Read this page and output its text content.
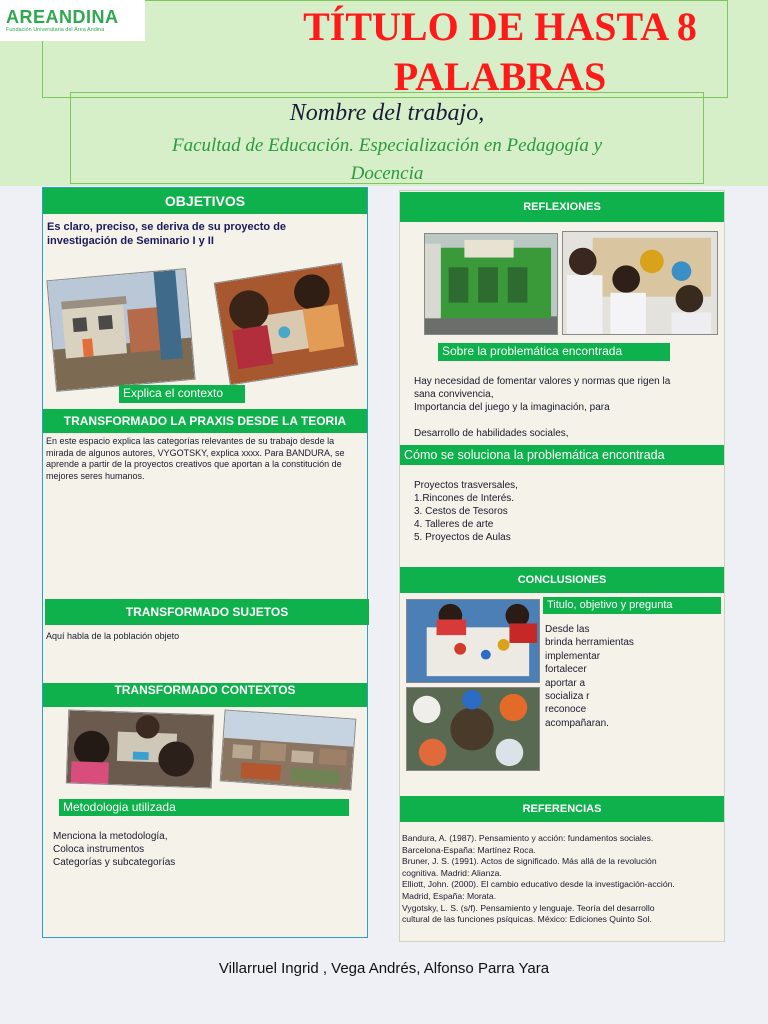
AREANDINA
Fundación Universitaria del Área Andina	TÍTULO DE HASTA 8
PALABRAS
Nombre del trabajo,
Facultad de Educación. Especialización en Pedagogía y
Docencia
OBJETIVOS
Es claro, preciso, se deriva de su proyecto de investigación de Seminario I y II
Explica el contexto
TRANSFORMADO LA PRAXIS DESDE LA TEORIA
En este espacio explica las categorías relevantes de su trabajo desde la mirada de algunos autores, VYGOTSKY, explica xxxx. Para BANDURA, se aprende a partir de la proyectos creativos que aportan a la constitución de mejores seres humanos.
TRANSFORMADO SUJETOS
Aquí habla de la población objeto
TRANSFORMADO CONTEXTOS
Metodologia utilizada
Menciona la metodología,
Coloca instrumentos
Categorías y subcategorías
REFLEXIONES
Sobre la problemática encontrada
Hay necesidad de fomentar valores y normas que rigen la
sana convivencia,
Importancia del juego y la imaginación, para
Desarrollo de habilidades sociales,
Cómo se soluciona la problemática encontrada
Proyectos trasversales,
1.Rincones de Interés.
3. Cestos de Tesoros
4. Talleres de arte
5. Proyectos de Aulas
CONCLUSIONES
Titulo, objetivo y pregunta
Desde las
brinda herramientas
implementar
fortalecer
aportar a
socializa r
reconoce
acompañaran.
REFERENCIAS
Bandura, A. (1987). Pensamiento y acción: fundamentos sociales.
Barcelona-España: Martínez Roca.
Bruner, J. S. (1991). Actos de significado. Más allá de la revolución
cognitiva. Madrid: Alianza.
Elliott, John. (2000). El cambio educativo desde la investigación-acción.
Madrid, España: Morata.
Vygotsky, L. S. (s/f). Pensamiento y lenguaje. Teoría del desarrollo
cultural de las funciones psíquicas. México: Ediciones Quinto Sol.
Villarruel Ingrid , Vega Andrés, Alfonso Parra Yara
